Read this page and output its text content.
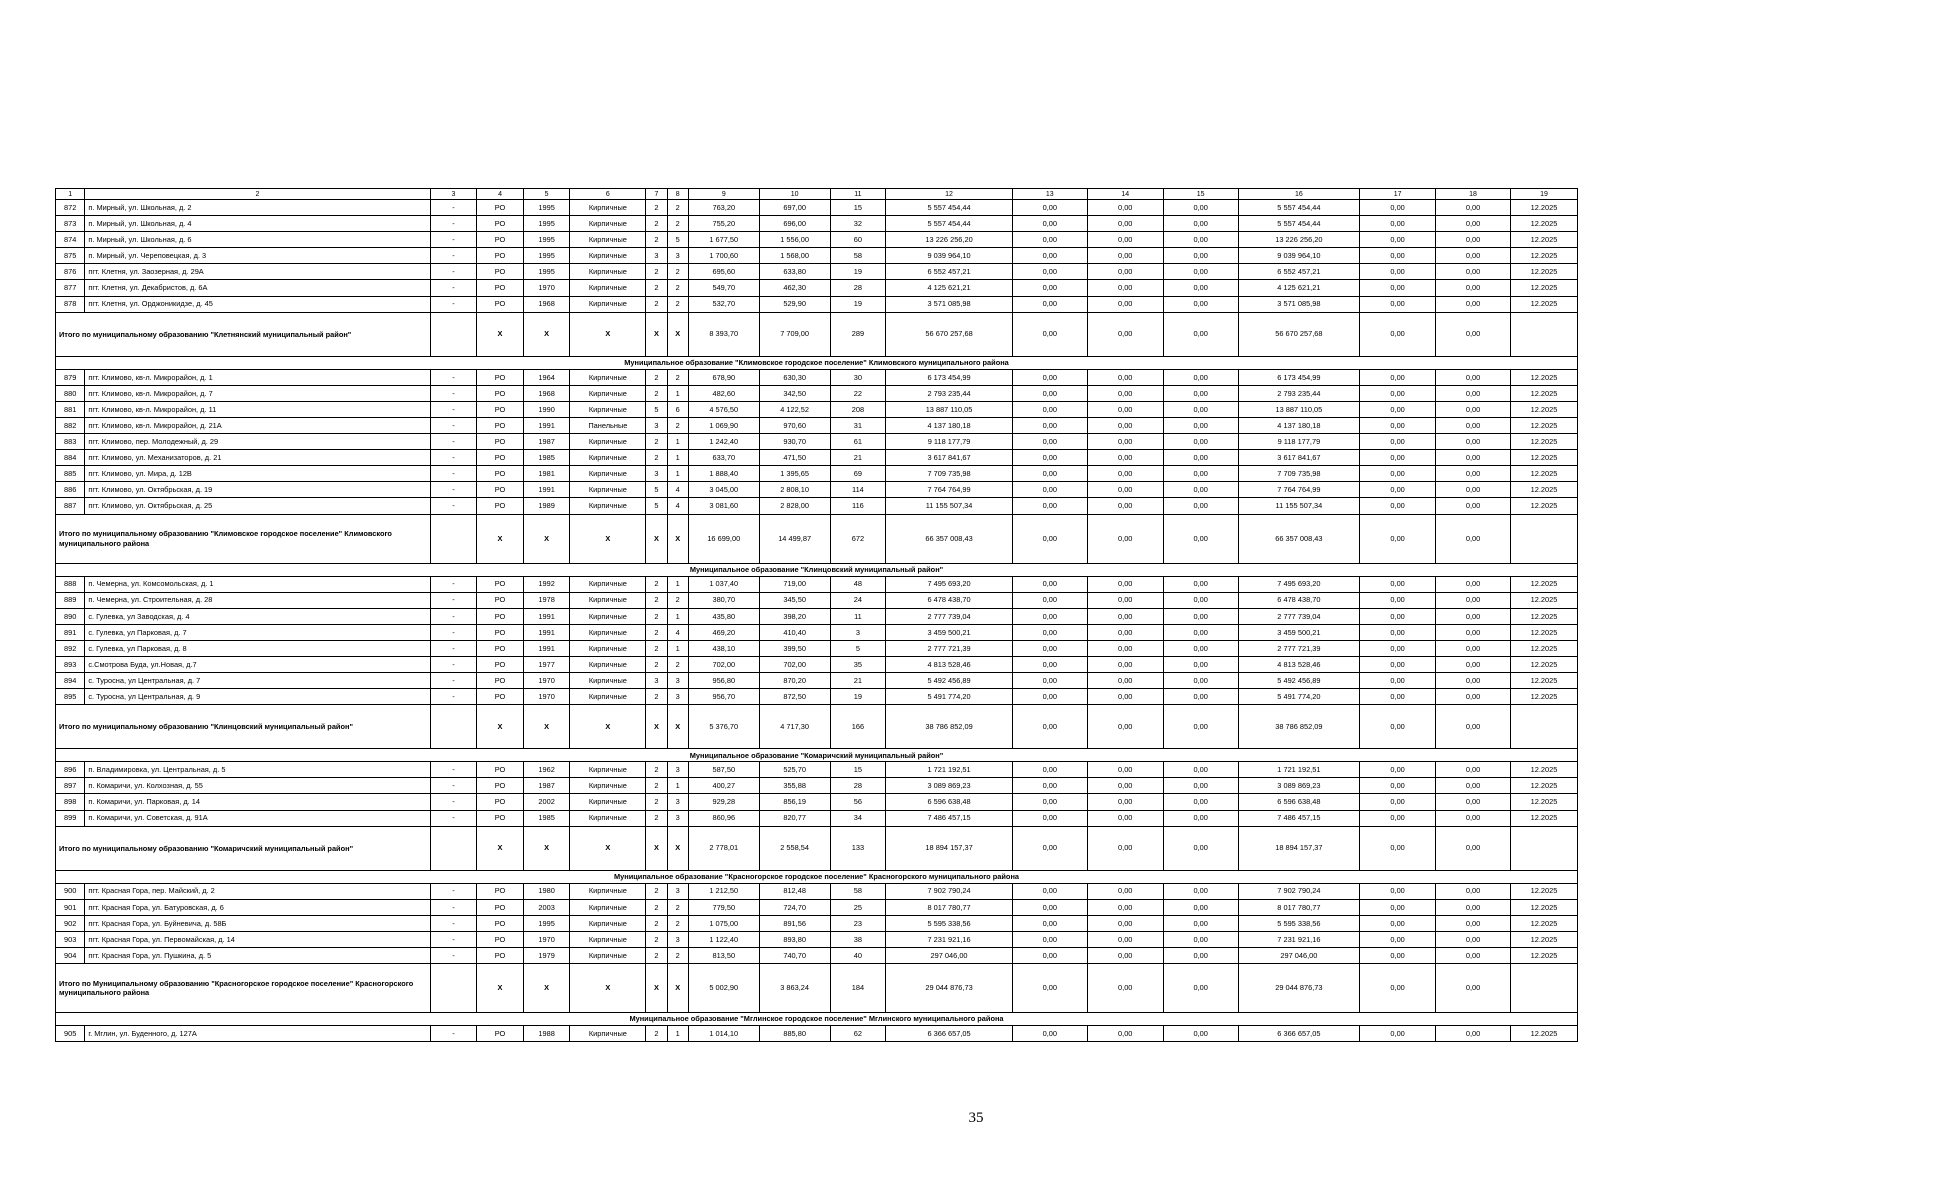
1	2	3	4	5	6	7	8	9	10	11	12	13	14	15	16	17	18	19
872	п. Мирный, ул. Школьная, д. 2	-	РО	1995	Кирпичные	2	2	763,20	697,00	15	5 557 454,44	0,00	0,00	0,00	5 557 454,44	0,00	0,00	12.2025
873	п. Мирный, ул. Школьная, д. 4	-	РО	1995	Кирпичные	2	2	755,20	696,00	32	5 557 454,44	0,00	0,00	0,00	5 557 454,44	0,00	0,00	12.2025
874	п. Мирный, ул. Школьная, д. 6	-	РО	1995	Кирпичные	2	5	1 677,50	1 556,00	60	13 226 256,20	0,00	0,00	0,00	13 226 256,20	0,00	0,00	12.2025
875	п. Мирный, ул. Череповецкая, д. 3	-	РО	1995	Кирпичные	3	3	1 700,60	1 568,00	58	9 039 964,10	0,00	0,00	0,00	9 039 964,10	0,00	0,00	12.2025
876	пгт. Клетня, ул. Заозерная, д. 29А	-	РО	1995	Кирпичные	2	2	695,60	633,80	19	6 552 457,21	0,00	0,00	0,00	6 552 457,21	0,00	0,00	12.2025
877	пгт. Клетня, ул. Декабристов, д. 6А	-	РО	1970	Кирпичные	2	2	549,70	462,30	28	4 125 621,21	0,00	0,00	0,00	4 125 621,21	0,00	0,00	12.2025
878	пгт. Клетня, ул. Орджоникидзе, д. 45	-	РО	1968	Кирпичные	2	2	532,70	529,90	19	3 571 085,98	0,00	0,00	0,00	3 571 085,98	0,00	0,00	12.2025
Итого по муниципальному образованию "Клетнянский муниципальный район"			X	X	X	X	X	8 393,70	7 709,00	289	56 670 257,68	0,00	0,00	0,00	56 670 257,68	0,00	0,00	
Муниципальное образование "Климовское городское поселение" Климовского муниципального района																		
879	пгт. Климово, кв-л. Микрорайон, д. 1	-	РО	1964	Кирпичные	2	2	678,90	630,30	30	6 173 454,99	0,00	0,00	0,00	6 173 454,99	0,00	0,00	12.2025
880	пгт. Климово, кв-л. Микрорайон, д. 7	-	РО	1968	Кирпичные	2	1	482,60	342,50	22	2 793 235,44	0,00	0,00	0,00	2 793 235,44	0,00	0,00	12.2025
881	пгт. Климово, кв-л. Микрорайон, д. 11	-	РО	1990	Кирпичные	5	6	4 576,50	4 122,52	208	13 887 110,05	0,00	0,00	0,00	13 887 110,05	0,00	0,00	12.2025
882	пгт. Климово, кв-л. Микрорайон, д. 21А	-	РО	1991	Панельные	3	2	1 069,90	970,60	31	4 137 180,18	0,00	0,00	0,00	4 137 180,18	0,00	0,00	12.2025
883	пгт. Климово, пер. Молодежный, д. 29	-	РО	1987	Кирпичные	2	1	1 242,40	930,70	61	9 118 177,79	0,00	0,00	0,00	9 118 177,79	0,00	0,00	12.2025
884	пгт. Климово, ул. Механизаторов, д. 21	-	РО	1985	Кирпичные	2	1	633,70	471,50	21	3 617 841,67	0,00	0,00	0,00	3 617 841,67	0,00	0,00	12.2025
885	пгт. Климово, ул. Мира, д. 12В	-	РО	1981	Кирпичные	3	1	1 888,40	1 395,65	69	7 709 735,98	0,00	0,00	0,00	7 709 735,98	0,00	0,00	12.2025
886	пгт. Климово, ул. Октябрьская, д. 19	-	РО	1991	Кирпичные	5	4	3 045,00	2 808,10	114	7 764 764,99	0,00	0,00	0,00	7 764 764,99	0,00	0,00	12.2025
887	пгт. Климово, ул. Октябрьская, д. 25	-	РО	1989	Кирпичные	5	4	3 081,60	2 828,00	116	11 155 507,34	0,00	0,00	0,00	11 155 507,34	0,00	0,00	12.2025
Итого по муниципальному образованию "Климовское городское поселение" Климовского муниципального района			X	X	X	X	X	16 699,00	14 499,87	672	66 357 008,43	0,00	0,00	0,00	66 357 008,43	0,00	0,00	
Муниципальное образование "Клинцовский муниципальный район"																		
888	п. Чемерна, ул. Комсомольская, д. 1	-	РО	1992	Кирпичные	2	1	1 037,40	719,00	48	7 495 693,20	0,00	0,00	0,00	7 495 693,20	0,00	0,00	12.2025
889	п. Чемерна, ул. Строительная, д. 28	-	РО	1978	Кирпичные	2	2	380,70	345,50	24	6 478 438,70	0,00	0,00	0,00	6 478 438,70	0,00	0,00	12.2025
890	с. Гулевка, ул Заводская, д. 4	-	РО	1991	Кирпичные	2	1	435,80	398,20	11	2 777 739,04	0,00	0,00	0,00	2 777 739,04	0,00	0,00	12.2025
891	с. Гулевка, ул Парковая, д. 7	-	РО	1991	Кирпичные	2	4	469,20	410,40	3	3 459 500,21	0,00	0,00	0,00	3 459 500,21	0,00	0,00	12.2025
892	с. Гулевка, ул Парковая, д. 8	-	РО	1991	Кирпичные	2	1	438,10	399,50	5	2 777 721,39	0,00	0,00	0,00	2 777 721,39	0,00	0,00	12.2025
893	с.Смотрова Буда, ул.Новая, д.7	-	РО	1977	Кирпичные	2	2	702,00	702,00	35	4 813 528,46	0,00	0,00	0,00	4 813 528,46	0,00	0,00	12.2025
894	с. Туросна, ул Центральная, д. 7	-	РО	1970	Кирпичные	3	3	956,80	870,20	21	5 492 456,89	0,00	0,00	0,00	5 492 456,89	0,00	0,00	12.2025
895	с. Туросна, ул Центральная, д. 9	-	РО	1970	Кирпичные	2	3	956,70	872,50	19	5 491 774,20	0,00	0,00	0,00	5 491 774,20	0,00	0,00	12.2025
Итого по муниципальному образованию "Клинцовский муниципальный район"			X	X	X	X	X	5 376,70	4 717,30	166	38 786 852,09	0,00	0,00	0,00	38 786 852,09	0,00	0,00	
Муниципальное образование "Комаричский муниципальный район"																		
896	п. Владимировка, ул. Центральная, д. 5	-	РО	1962	Кирпичные	2	3	587,50	525,70	15	1 721 192,51	0,00	0,00	0,00	1 721 192,51	0,00	0,00	12.2025
897	п. Комаричи, ул. Колхозная, д. 55	-	РО	1987	Кирпичные	2	1	400,27	355,88	28	3 089 869,23	0,00	0,00	0,00	3 089 869,23	0,00	0,00	12.2025
898	п. Комаричи, ул. Парковая, д. 14	-	РО	2002	Кирпичные	2	3	929,28	856,19	56	6 596 638,48	0,00	0,00	0,00	6 596 638,48	0,00	0,00	12.2025
899	п. Комаричи, ул. Советская, д. 91А	-	РО	1985	Кирпичные	2	3	860,96	820,77	34	7 486 457,15	0,00	0,00	0,00	7 486 457,15	0,00	0,00	12.2025
Итого по муниципальному образованию "Комаричский муниципальный район"			X	X	X	X	X	2 778,01	2 558,54	133	18 894 157,37	0,00	0,00	0,00	18 894 157,37	0,00	0,00	
Муниципальное образование "Красногорское городское поселение" Красногорского муниципального района																		
900	пгт. Красная Гора, пер. Майский, д. 2	-	РО	1980	Кирпичные	2	3	1 212,50	812,48	58	7 902 790,24	0,00	0,00	0,00	7 902 790,24	0,00	0,00	12.2025
901	пгт. Красная Гора, ул. Батуровская, д. 6	-	РО	2003	Кирпичные	2	2	779,50	724,70	25	8 017 780,77	0,00	0,00	0,00	8 017 780,77	0,00	0,00	12.2025
902	пгт. Красная Гора, ул. Буйневича, д. 58Б	-	РО	1995	Кирпичные	2	2	1 075,00	891,56	23	5 595 338,56	0,00	0,00	0,00	5 595 338,56	0,00	0,00	12.2025
903	пгт. Красная Гора, ул. Первомайская, д. 14	-	РО	1970	Кирпичные	2	3	1 122,40	893,80	38	7 231 921,16	0,00	0,00	0,00	7 231 921,16	0,00	0,00	12.2025
904	пгт. Красная Гора, ул. Пушкина, д. 5	-	РО	1979	Кирпичные	2	2	813,50	740,70	40	297 046,00	0,00	0,00	0,00	297 046,00	0,00	0,00	12.2025
Итого по Муниципальному образованию "Красногорское городское поселение" Красногорского муниципального района			X	X	X	X	X	5 002,90	3 863,24	184	29 044 876,73	0,00	0,00	0,00	29 044 876,73	0,00	0,00	
Муниципальное образование "Мглинское городское поселение" Мглинского муниципального района																		
905	г. Мглин, ул. Буденного, д. 127А	-	РО	1988	Кирпичные	2	1	1 014,10	885,80	62	6 366 657,05	0,00	0,00	0,00	6 366 657,05	0,00	0,00	12.2025
35
